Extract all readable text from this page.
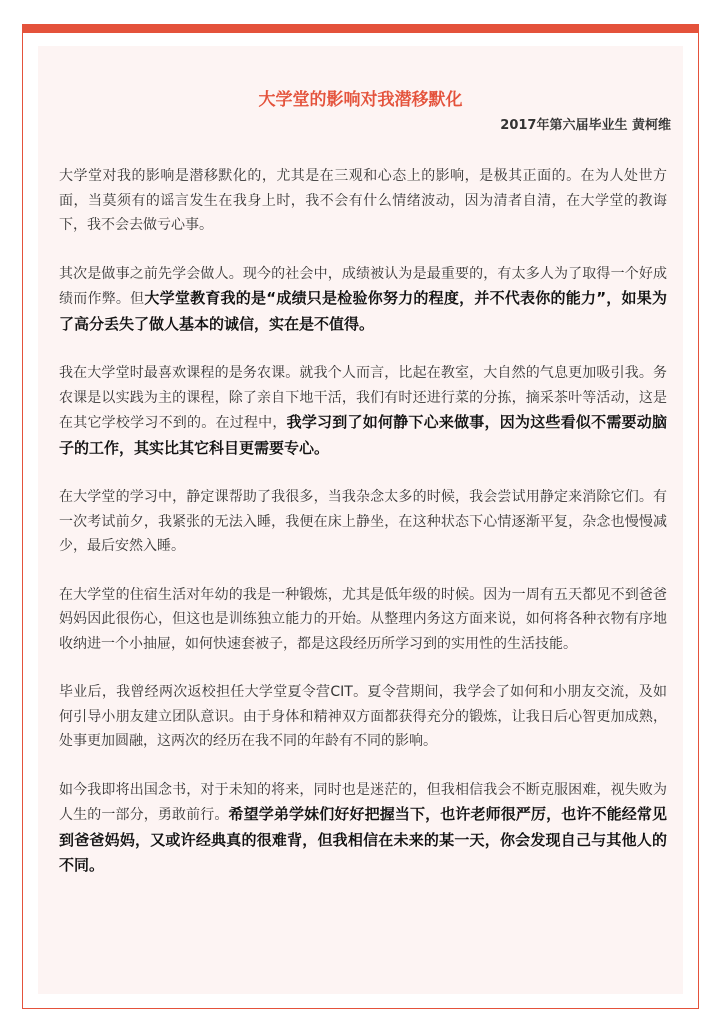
大学堂的影响对我潜移默化

2017年第六届毕业生 黄柯维

大学堂对我的影响是潜移默化的，尤其是在三观和心态上的影响，是极其正面的。在为人处世方面，当莫须有的谣言发生在我身上时，我不会有什么情绪波动，因为清者自清，在大学堂的教诲下，我不会去做亏心事。

其次是做事之前先学会做人。现今的社会中，成绩被认为是最重要的，有太多人为了取得一个好成绩而作弊。但大学堂教育我的是“成绩只是检验你努力的程度，并不代表你的能力”，如果为了高分丢失了做人基本的诚信，实在是不值得。

我在大学堂时最喜欢课程的是务农课。就我个人而言，比起在教室，大自然的气息更加吸引我。务农课是以实践为主的课程，除了亲自下地干活，我们有时还进行菜的分拣，摘采茶叶等活动，这是在其它学校学习不到的。在过程中，我学习到了如何静下心来做事，因为这些看似不需要动脑子的工作，其实比其它科目更需要专心。

在大学堂的学习中，静定课帮助了我很多，当我杂念太多的时候，我会尝试用静定来消除它们。有一次考试前夕，我紧张的无法入睡，我便在床上静坐，在这种状态下心情逐渐平复，杂念也慢慢减少，最后安然入睡。

在大学堂的住宿生活对年幼的我是一种锻炼，尤其是低年级的时候。因为一周有五天都见不到爸爸妈妈因此很伤心，但这也是训练独立能力的开始。从整理内务这方面来说，如何将各种衣物有序地收纳进一个小抽屉，如何快速套被子，都是这段经历所学习到的实用性的生活技能。

毕业后，我曾经两次返校担任大学堂夏令营CIT。夏令营期间，我学会了如何和小朋友交流，及如何引导小朋友建立团队意识。由于身体和精神双方面都获得充分的锻炼，让我日后心智更加成熟，处事更加圆融，这两次的经历在我不同的年龄有不同的影响。

如今我即将出国念书，对于未知的将来，同时也是迷茫的，但我相信我会不断克服困难，视失败为人生的一部分，勇敢前行。希望学弟学妹们好好把握当下，也许老师很严厉，也许不能经常见到爸爸妈妈，又或许经典真的很难背，但我相信在未来的某一天，你会发现自己与其他人的不同。
